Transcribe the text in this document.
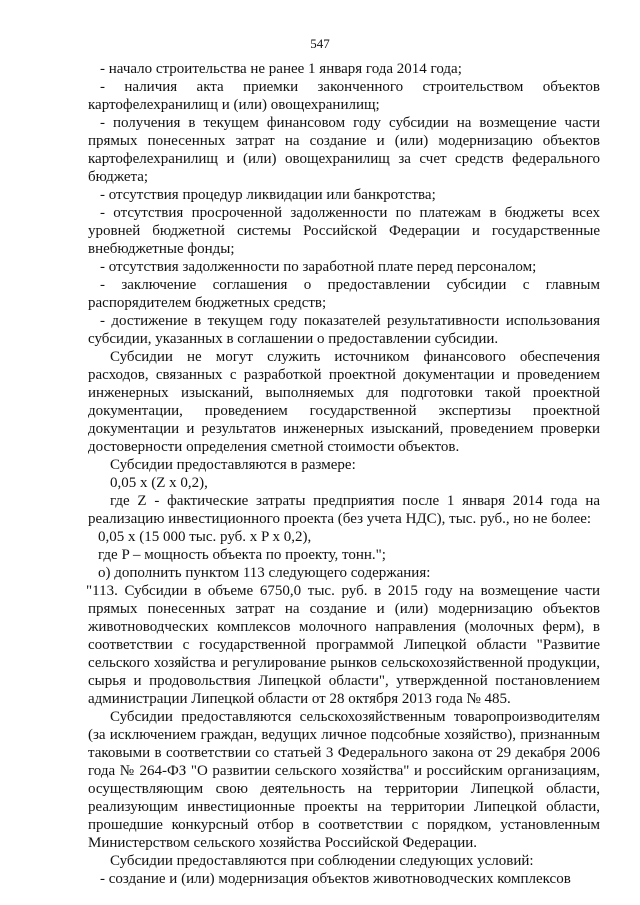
547

- начало строительства не ранее 1 января года 2014 года;

- наличия акта приемки законченного строительством объектов картофелехранилищ и (или) овощехранилищ;

- получения в текущем финансовом году субсидии на возмещение части прямых понесенных затрат на создание и (или) модернизацию объектов картофелехранилищ и (или) овощехранилищ за счет средств федерального бюджета;

- отсутствия процедур ликвидации или банкротства;

- отсутствия просроченной задолженности по платежам в бюджеты всех уровней бюджетной системы Российской Федерации и государственные внебюджетные фонды;

- отсутствия задолженности по заработной плате перед персоналом;

- заключение соглашения о предоставлении субсидии с главным распорядителем бюджетных средств;

- достижение в текущем году показателей результативности использования субсидии, указанных в соглашении о предоставлении субсидии.

Субсидии не могут служить источником финансового обеспечения расходов, связанных с разработкой проектной документации и проведением инженерных изысканий, выполняемых для подготовки такой проектной документации, проведением государственной экспертизы проектной документации и результатов инженерных изысканий, проведением проверки достоверности определения сметной стоимости объектов.

Субсидии предоставляются в размере:

0,05 x (Z x 0,2),

где Z - фактические затраты предприятия после 1 января 2014 года на реализацию инвестиционного проекта (без учета НДС), тыс. руб., но не более:

0,05 x (15 000 тыс. руб. x P x 0,2),

где P – мощность объекта по проекту, тонн.";

о) дополнить пунктом 113 следующего содержания:

"113. Субсидии в объеме 6750,0 тыс. руб. в 2015 году на возмещение части прямых понесенных затрат на создание и (или) модернизацию объектов животноводческих комплексов молочного направления (молочных ферм), в соответствии с государственной программой Липецкой области "Развитие сельского хозяйства и регулирование рынков сельскохозяйственной продукции, сырья и продовольствия Липецкой области", утвержденной постановлением администрации Липецкой области от 28 октября 2013 года № 485.

Субсидии предоставляются сельскохозяйственным товаропроизводителям (за исключением граждан, ведущих личное подсобные хозяйство), признанным таковыми в соответствии со статьей 3 Федерального закона от 29 декабря 2006 года № 264-ФЗ "О развитии сельского хозяйства" и российским организациям, осуществляющим свою деятельность на территории Липецкой области, реализующим инвестиционные проекты на территории Липецкой области, прошедшие конкурсный отбор в соответствии с порядком, установленным Министерством сельского хозяйства Российской Федерации.

Субсидии предоставляются при соблюдении следующих условий:

- создание и (или) модернизация объектов животноводческих комплексов
